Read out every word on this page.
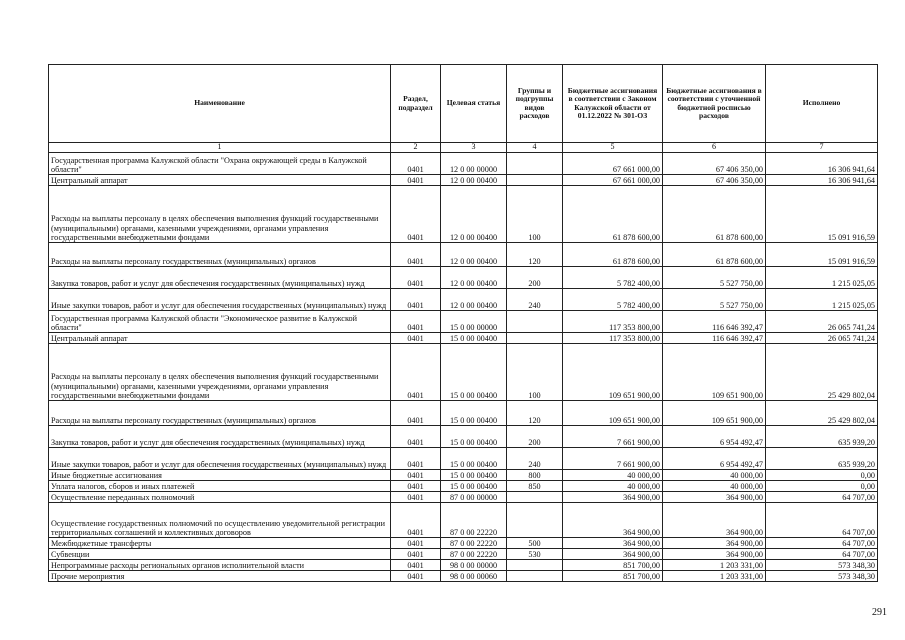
Наименование	Раздел, подраздел	Целевая статья	Группы и подгруппы видов расходов	Бюджетные ассигнования в соответствии с Законом Калужской области от 01.12.2022 № 301-ОЗ	Бюджетные ассигнования в соответствии с уточненной бюджетной росписью расходов	Исполнено
1	2	3	4	5	6	7
Государственная программа Калужской области "Охрана окружающей среды в Калужской области"	0401	12 0 00 00000		67 661 000,00	67 406 350,00	16 306 941,64
Центральный аппарат	0401	12 0 00 00400		67 661 000,00	67 406 350,00	16 306 941,64
Расходы на выплаты персоналу в целях обеспечения выполнения функций государственными (муниципальными) органами, казенными учреждениями, органами управления государственными внебюджетными фондами	0401	12 0 00 00400	100	61 878 600,00	61 878 600,00	15 091 916,59
Расходы на выплаты персоналу государственных (муниципальных) органов	0401	12 0 00 00400	120	61 878 600,00	61 878 600,00	15 091 916,59
Закупка товаров, работ и услуг для обеспечения государственных (муниципальных) нужд	0401	12 0 00 00400	200	5 782 400,00	5 527 750,00	1 215 025,05
Иные закупки товаров, работ и услуг для обеспечения государственных (муниципальных) нужд	0401	12 0 00 00400	240	5 782 400,00	5 527 750,00	1 215 025,05
Государственная программа Калужской области "Экономическое развитие в Калужской области"	0401	15 0 00 00000		117 353 800,00	116 646 392,47	26 065 741,24
Центральный аппарат	0401	15 0 00 00400		117 353 800,00	116 646 392,47	26 065 741,24
Расходы на выплаты персоналу в целях обеспечения выполнения функций государственными (муниципальными) органами, казенными учреждениями, органами управления государственными внебюджетными фондами	0401	15 0 00 00400	100	109 651 900,00	109 651 900,00	25 429 802,04
Расходы на выплаты персоналу государственных (муниципальных) органов	0401	15 0 00 00400	120	109 651 900,00	109 651 900,00	25 429 802,04
Закупка товаров, работ и услуг для обеспечения государственных (муниципальных) нужд	0401	15 0 00 00400	200	7 661 900,00	6 954 492,47	635 939,20
Иные закупки товаров, работ и услуг для обеспечения государственных (муниципальных) нужд	0401	15 0 00 00400	240	7 661 900,00	6 954 492,47	635 939,20
Иные бюджетные ассигнования	0401	15 0 00 00400	800	40 000,00	40 000,00	0,00
Уплата налогов, сборов и иных платежей	0401	15 0 00 00400	850	40 000,00	40 000,00	0,00
Осуществление переданных полномочий	0401	87 0 00 00000		364 900,00	364 900,00	64 707,00
Осуществление государственных полномочий по осуществлению уведомительной регистрации территориальных соглашений и коллективных договоров	0401	87 0 00 22220		364 900,00	364 900,00	64 707,00
Межбюджетные трансферты	0401	87 0 00 22220	500	364 900,00	364 900,00	64 707,00
Субвенции	0401	87 0 00 22220	530	364 900,00	364 900,00	64 707,00
Непрограммные расходы региональных органов исполнительной власти	0401	98 0 00 00000		851 700,00	1 203 331,00	573 348,30
Прочие мероприятия	0401	98 0 00 00060		851 700,00	1 203 331,00	573 348,30
291
